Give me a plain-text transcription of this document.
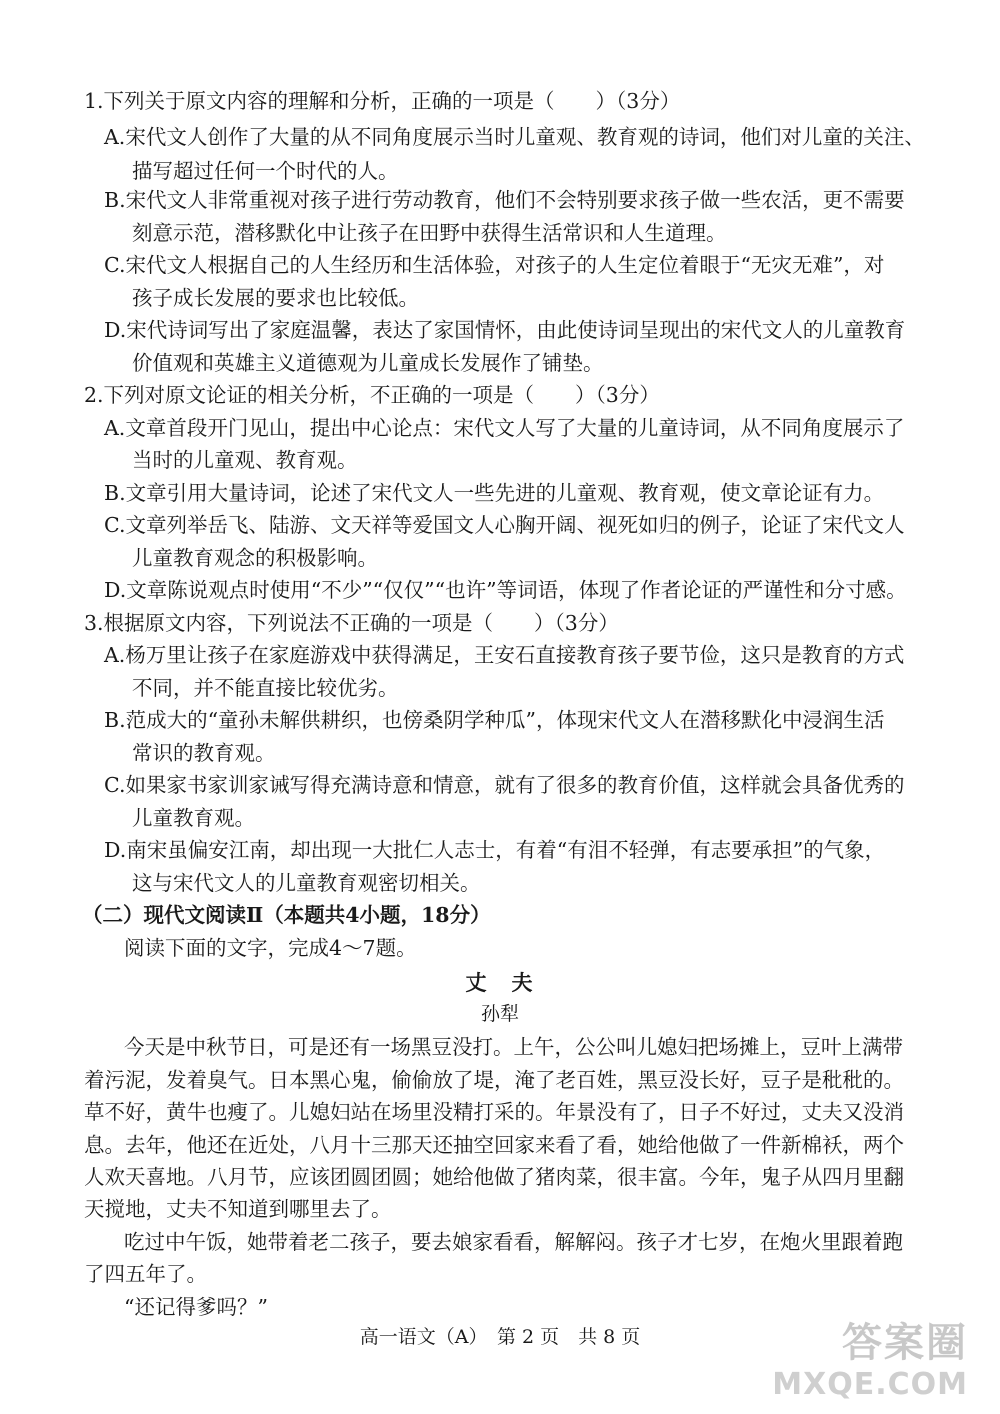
1.下列关于原文内容的理解和分析，正确的一项是（　　）（3分）
A.宋代文人创作了大量的从不同角度展示当时儿童观、教育观的诗词，他们对儿童的关注、
描写超过任何一个时代的人。
B.宋代文人非常重视对孩子进行劳动教育，他们不会特别要求孩子做一些农活，更不需要
刻意示范，潜移默化中让孩子在田野中获得生活常识和人生道理。
C.宋代文人根据自己的人生经历和生活体验，对孩子的人生定位着眼于“无灾无难”，对
孩子成长发展的要求也比较低。
D.宋代诗词写出了家庭温馨，表达了家国情怀，由此使诗词呈现出的宋代文人的儿童教育
价值观和英雄主义道德观为儿童成长发展作了铺垫。
2.下列对原文论证的相关分析，不正确的一项是（　　）（3分）
A.文章首段开门见山，提出中心论点：宋代文人写了大量的儿童诗词，从不同角度展示了
当时的儿童观、教育观。
B.文章引用大量诗词，论述了宋代文人一些先进的儿童观、教育观，使文章论证有力。
C.文章列举岳飞、陆游、文天祥等爱国文人心胸开阔、视死如归的例子，论证了宋代文人
儿童教育观念的积极影响。
D.文章陈说观点时使用“不少”“仅仅”“也许”等词语，体现了作者论证的严谨性和分寸感。
3.根据原文内容，下列说法不正确的一项是（　　）（3分）
A.杨万里让孩子在家庭游戏中获得满足，王安石直接教育孩子要节俭，这只是教育的方式
不同，并不能直接比较优劣。
B.范成大的“童孙未解供耕织，也傍桑阴学种瓜”，体现宋代文人在潜移默化中浸润生活
常识的教育观。
C.如果家书家训家诫写得充满诗意和情意，就有了很多的教育价值，这样就会具备优秀的
儿童教育观。
D.南宋虽偏安江南，却出现一大批仁人志士，有着“有泪不轻弹，有志要承担”的气象，
这与宋代文人的儿童教育观密切相关。
（二）现代文阅读Ⅱ（本题共4小题，18分）
阅读下面的文字，完成4～7题。
丈　夫
孙犁
今天是中秋节日，可是还有一场黑豆没打。上午，公公叫儿媳妇把场摊上，豆叶上满带
着污泥，发着臭气。日本黑心鬼，偷偷放了堤，淹了老百姓，黑豆没长好，豆子是秕秕的。
草不好，黄牛也瘦了。儿媳妇站在场里没精打采的。年景没有了，日子不好过，丈夫又没消
息。去年，他还在近处，八月十三那天还抽空回家来看了看，她给他做了一件新棉袄，两个
人欢天喜地。八月节，应该团圆团圆；她给他做了猪肉菜，很丰富。今年，鬼子从四月里翻
天搅地，丈夫不知道到哪里去了。
吃过中午饭，她带着老二孩子，要去娘家看看，解解闷。孩子才七岁，在炮火里跟着跑
了四五年了。
“还记得爹吗？”
高一语文（A）　第 2 页　共 8 页	答案圈
MXQE.COM
